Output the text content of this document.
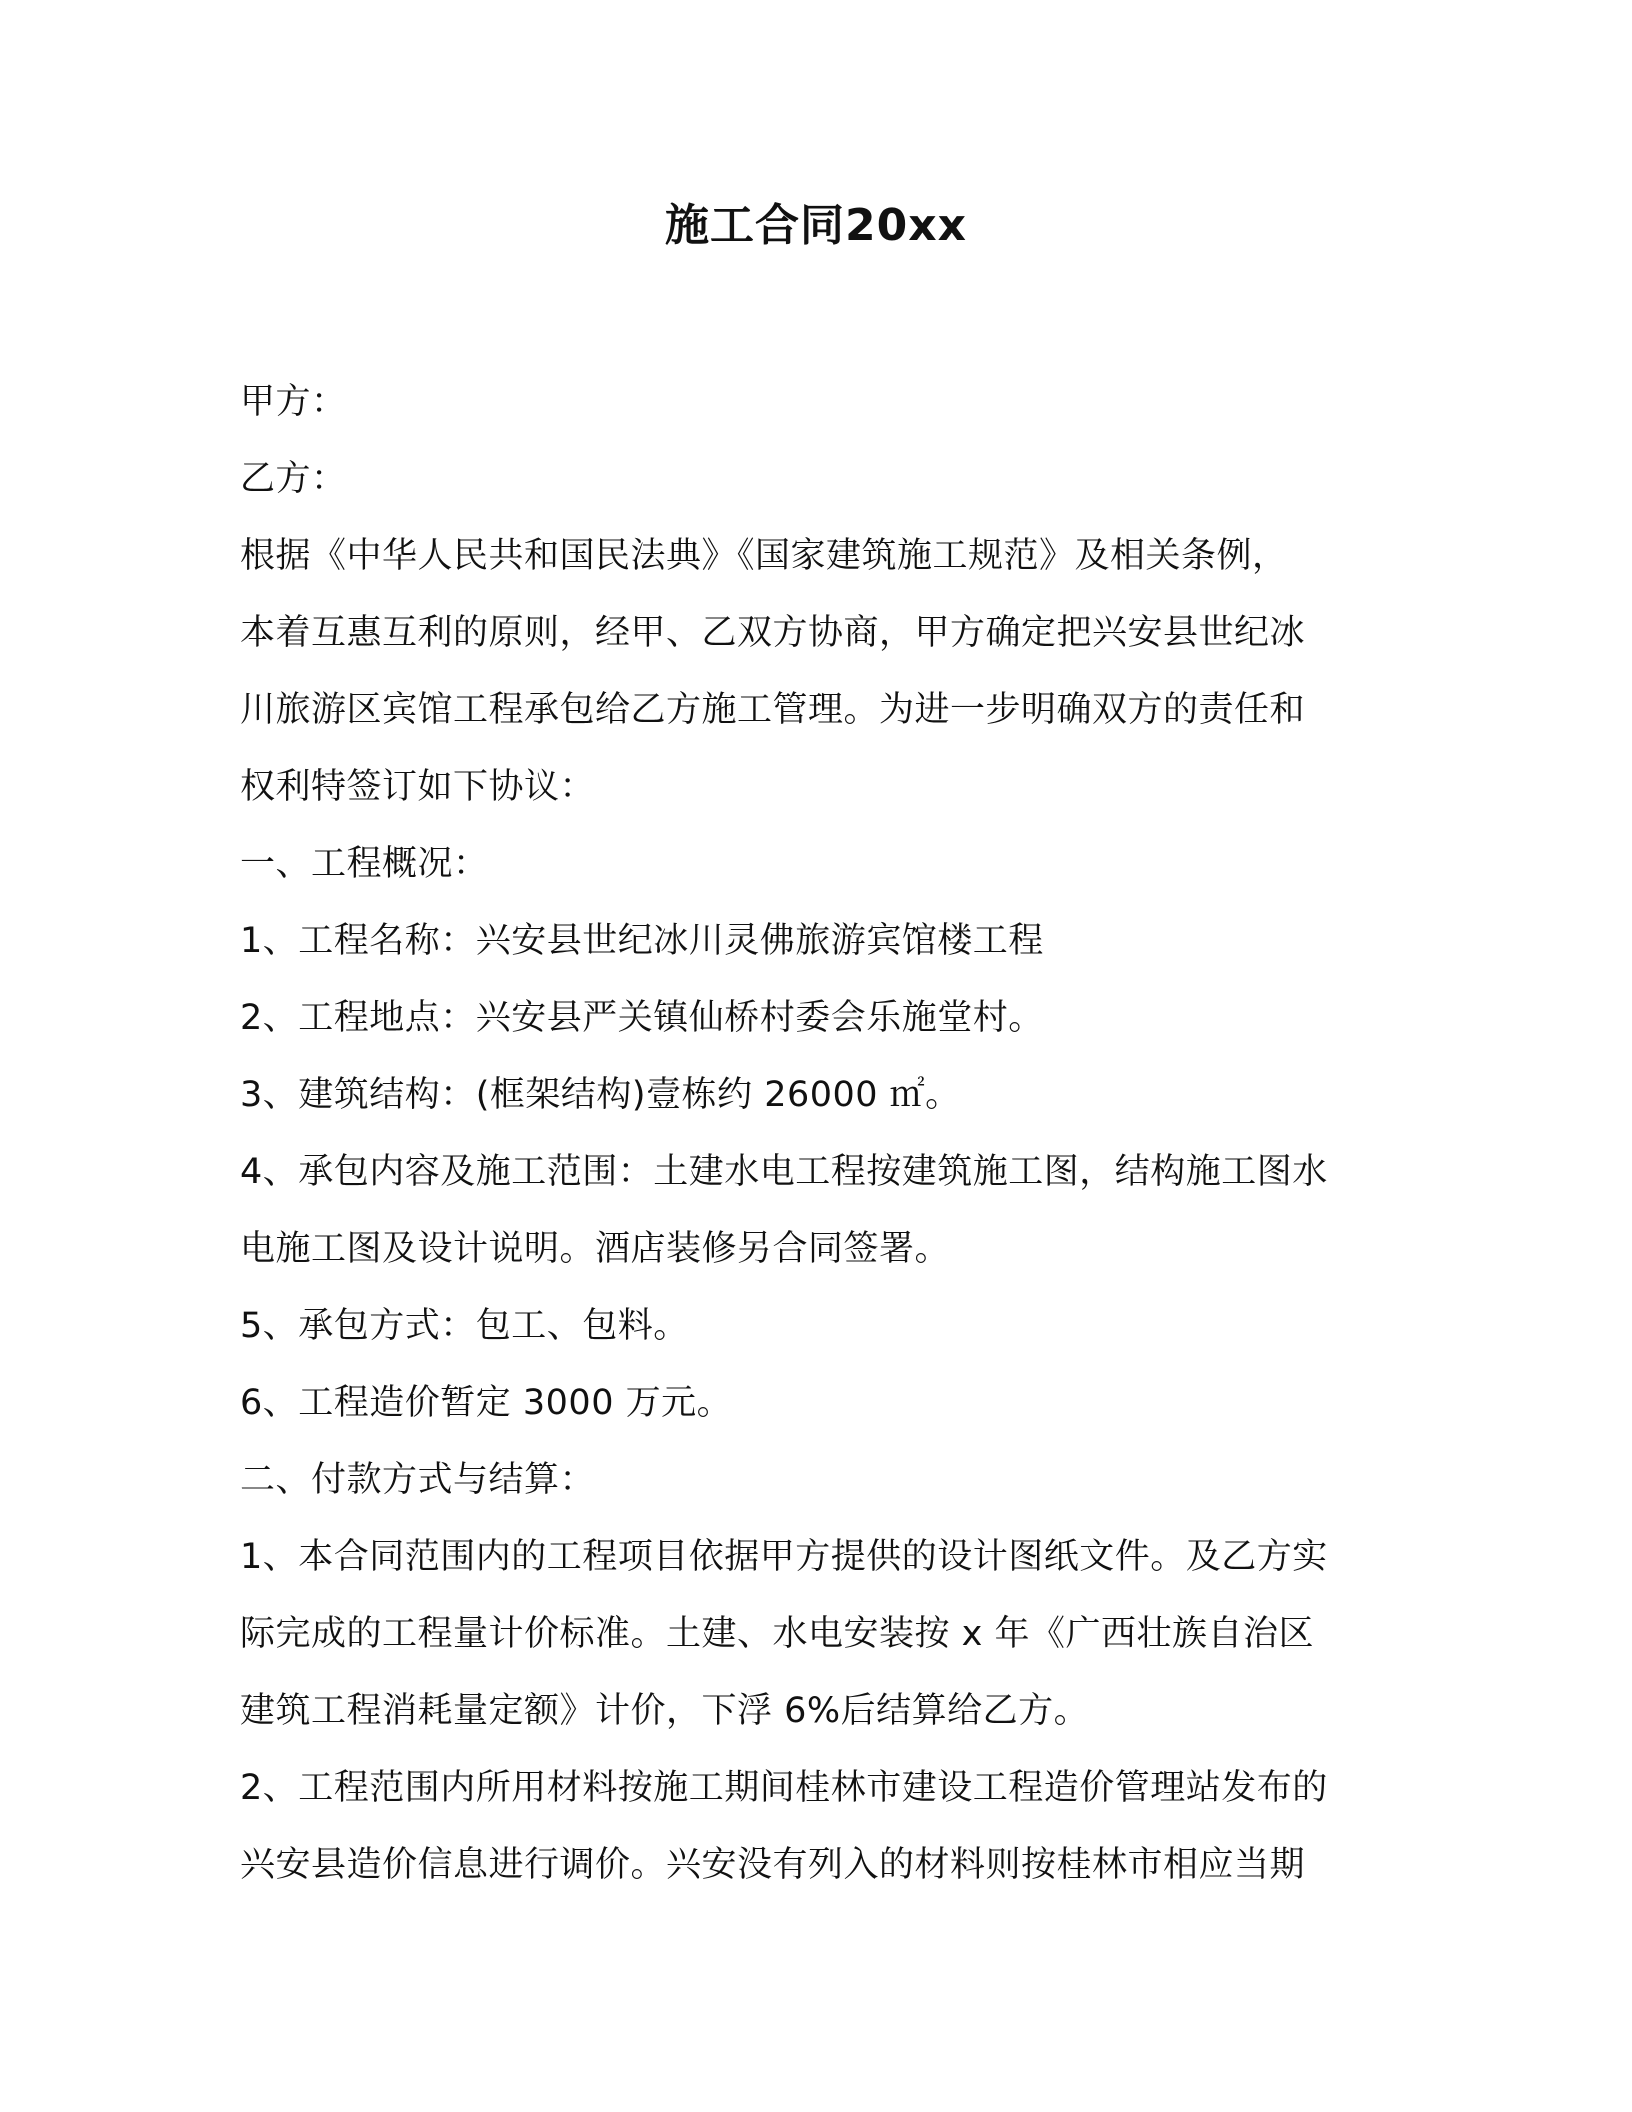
施工合同20xx
甲方：
乙方：
根据《中华人民共和国民法典》《国家建筑施工规范》及相关条例，
本着互惠互利的原则，经甲、乙双方协商，甲方确定把兴安县世纪冰
川旅游区宾馆工程承包给乙方施工管理。为进一步明确双方的责任和
权利特签订如下协议：
一、工程概况：
1、工程名称：兴安县世纪冰川灵佛旅游宾馆楼工程
2、工程地点：兴安县严关镇仙桥村委会乐施堂村。
3、建筑结构：(框架结构)壹栋约 26000 ㎡。
4、承包内容及施工范围：土建水电工程按建筑施工图，结构施工图水
电施工图及设计说明。酒店装修另合同签署。
5、承包方式：包工、包料。
6、工程造价暂定 3000 万元。
二、付款方式与结算：
1、本合同范围内的工程项目依据甲方提供的设计图纸文件。及乙方实
际完成的工程量计价标准。土建、水电安装按 x 年《广西壮族自治区
建筑工程消耗量定额》计价，下浮 6%后结算给乙方。
2、工程范围内所用材料按施工期间桂林市建设工程造价管理站发布的
兴安县造价信息进行调价。兴安没有列入的材料则按桂林市相应当期
